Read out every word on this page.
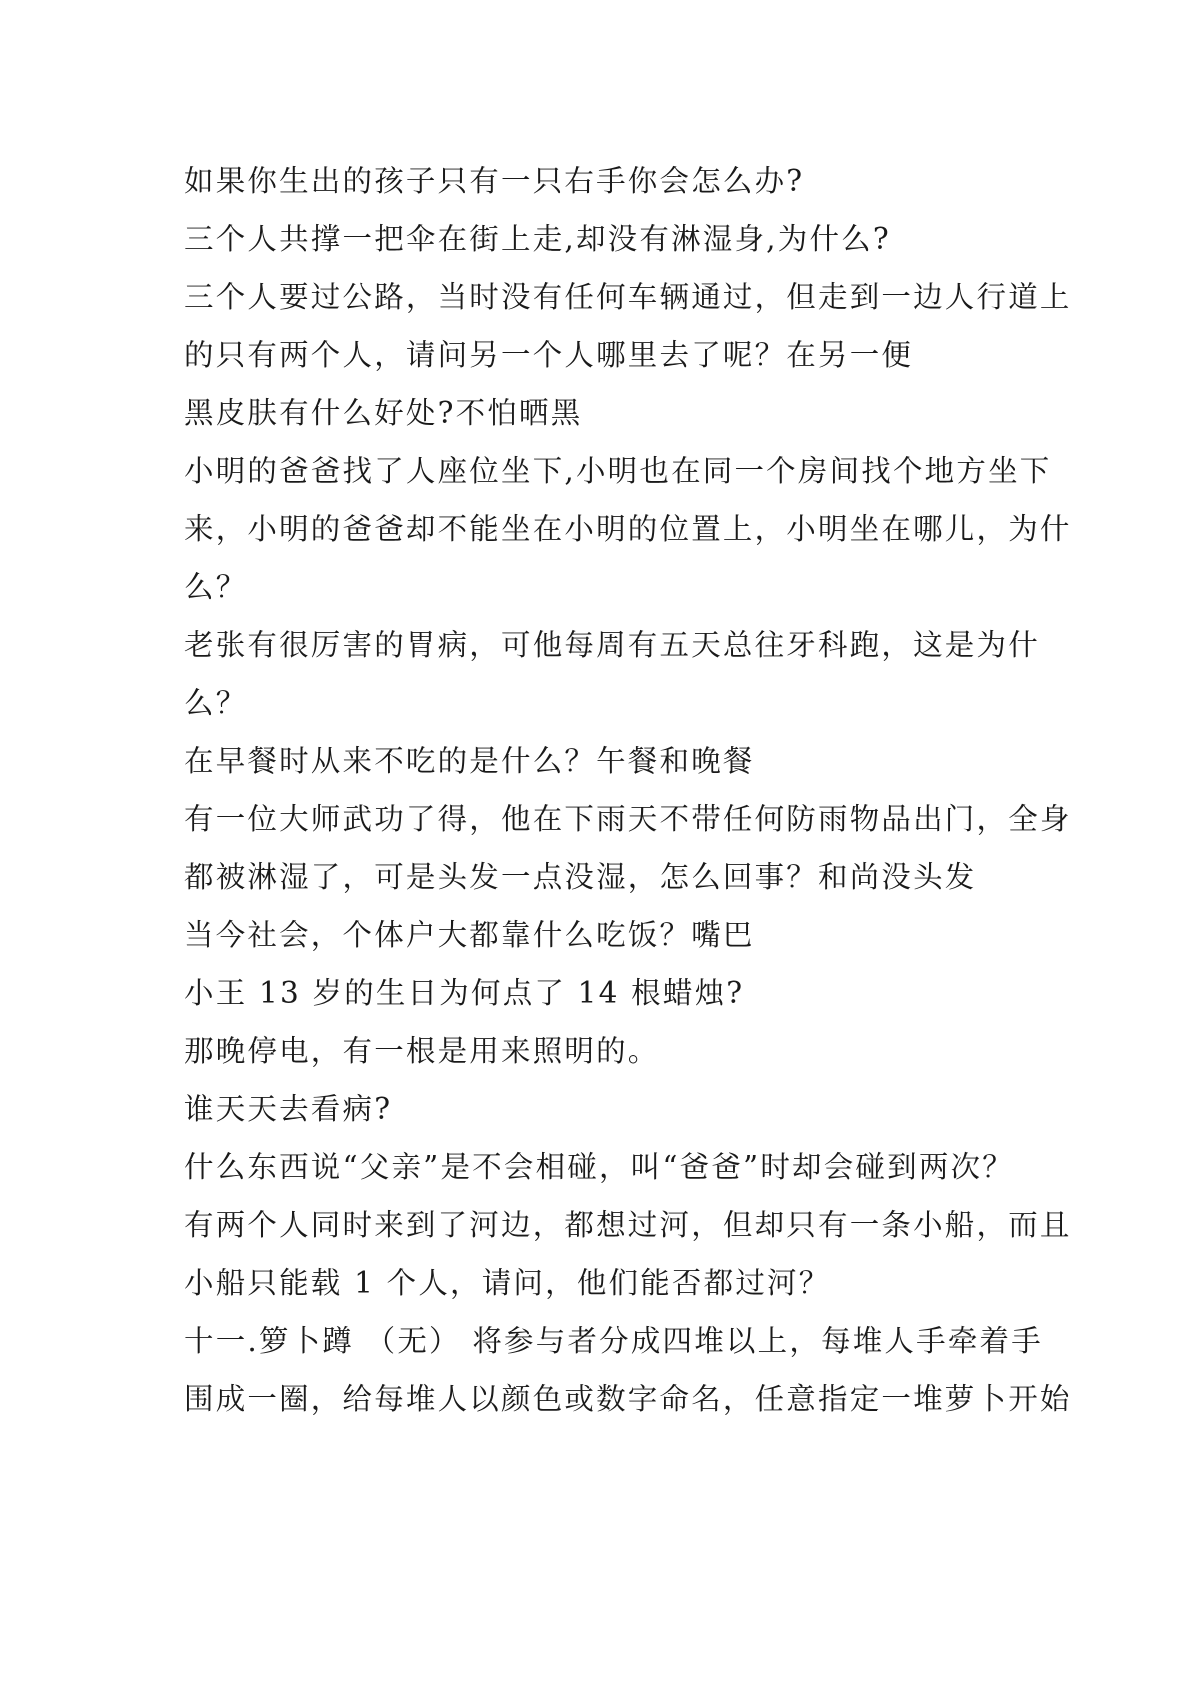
如果你生出的孩子只有一只右手你会怎么办?
三个人共撑一把伞在街上走,却没有淋湿身,为什么?
三个人要过公路，当时没有任何车辆通过，但走到一边人行道上
的只有两个人，请问另一个人哪里去了呢？在另一便
黑皮肤有什么好处?不怕晒黑
小明的爸爸找了人座位坐下,小明也在同一个房间找个地方坐下
来，小明的爸爸却不能坐在小明的位置上，小明坐在哪儿，为什
么？
老张有很厉害的胃病，可他每周有五天总往牙科跑，这是为什
么？
在早餐时从来不吃的是什么？午餐和晚餐
有一位大师武功了得，他在下雨天不带任何防雨物品出门，全身
都被淋湿了，可是头发一点没湿，怎么回事？和尚没头发
当今社会，个体户大都靠什么吃饭？嘴巴
小王 13 岁的生日为何点了 14 根蜡烛?
那晚停电，有一根是用来照明的。
谁天天去看病?
什么东西说“父亲”是不会相碰，叫“爸爸”时却会碰到两次？
有两个人同时来到了河边，都想过河，但却只有一条小船，而且
小船只能载 1 个人，请问，他们能否都过河？
十一.箩卜蹲 （无） 将参与者分成四堆以上，每堆人手牵着手
围成一圈，给每堆人以颜色或数字命名，任意指定一堆萝卜开始
